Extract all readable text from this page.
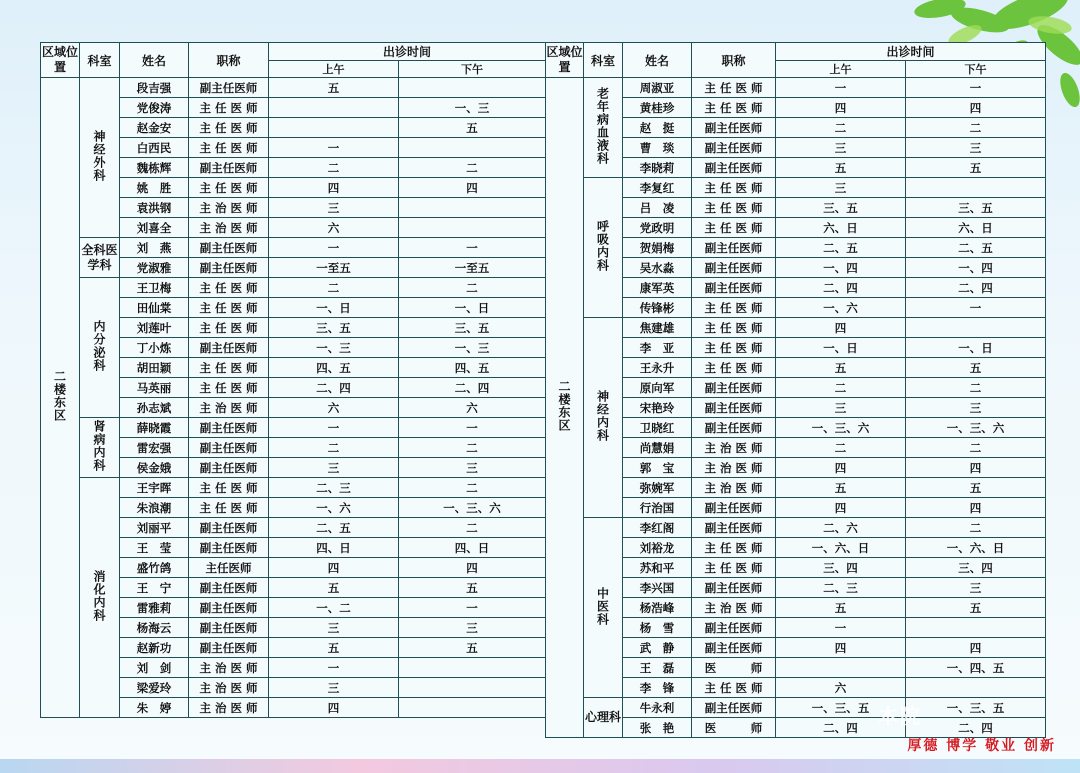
区域位置	科室	姓名	职称	出诊时间	
				上午	下午
二楼东区	神经外科	段吉强	副主任医师	五	
		党俊涛	主 任 医 师		一、三
		赵金安	主 任 医 师		五
		白西民	主 任 医 师	一	
		魏栋辉	副主任医师	二	二
		姚　胜	主 任 医 师	四	四
		袁洪钢	主 治 医 师	三	
		刘喜全	主 治 医 师	六	
	全科医学科	刘　燕	副主任医师	一	一
		党淑雅	副主任医师	一至五	一至五
	内分泌科	王卫梅	主 任 医 师	二	二
		田仙棠	主 任 医 师	一、日	一、日
		刘莲叶	主 任 医 师	三、五	三、五
		丁小炼	副主任医师	一、三	一、三
		胡田颖	主 任 医 师	四、五	四、五
		马英丽	主 任 医 师	二、四	二、四
		孙志斌	主 治 医 师	六	六
	肾病内科	薛晓霞	副主任医师	一	一
		雷宏强	副主任医师	二	二
		侯金娥	副主任医师	三	三
	消化内科	王宇晖	主 任 医 师	二、三	二
		朱浪潮	主 任 医 师	一、六	一、三、六
		刘丽平	副主任医师	二、五	二
		王　莹	副主任医师	四、日	四、日
		盛竹鸽	主任医师	四	四
		王　宁	副主任医师	五	五
		雷雅莉	副主任医师	一、二	一
		杨海云	副主任医师	三	三
		赵新功	副主任医师	五	五
		刘　剑	主 治 医 师	一	
		梁爱玲	主 治 医 师	三	
		朱　婷	主 治 医 师	四	
区域位置	科室	姓名	职称	出诊时间	
				上午	下午
二楼东区	老年病血液科	周淑亚	主 任 医 师	一	一
		黄桂珍	主 任 医 师	四	四
		赵　挺	副主任医师	二	二
		曹　琰	副主任医师	三	三
		李晓莉	副主任医师	五	五
	呼吸内科	李复红	主 任 医 师	三	
		吕　凌	主 任 医 师	三、五	三、五
		党政明	主 任 医 师	六、日	六、日
		贺娟梅	副主任医师	二、五	二、五
		吴水淼	副主任医师	一、四	一、四
		康军英	副主任医师	二、四	二、四
		传锋彬	主 任 医 师	一、六	一
	神经内科	焦建雄	主 任 医 师	四	
		李　亚	主 任 医 师	一、日	一、日
		王永升	主 任 医 师	五	五
		原向军	副主任医师	二	二
		宋艳玲	副主任医师	三	三
		卫晓红	副主任医师	一、三、六	一、三、六
		尚慧娟	主 治 医 师	二	二
		郭　宝	主 治 医 师	四	四
		弥婉军	主 治 医 师	五	五
		行治国	副主任医师	四	四
	中医科	李红阁	副主任医师	二、六	二
		刘裕龙	主 任 医 师	一、六、日	一、六、日
		苏和平	主 任 医 师	三、四	三、四
		李兴国	副主任医师	二、三	三
		杨浩峰	主 治 医 师	五	五
		杨　雪	副主任医师	一	
		武　静	副主任医师	四	四
		王　磊	医　　　师		一、四、五
		李　锋	主 任 医 师	六	
	心理科	牛永利	副主任医师	一、三、五	一、三、五
		张　艳	医　　　师	二、四	二、四
本院
厚德 博学 敬业 创新
